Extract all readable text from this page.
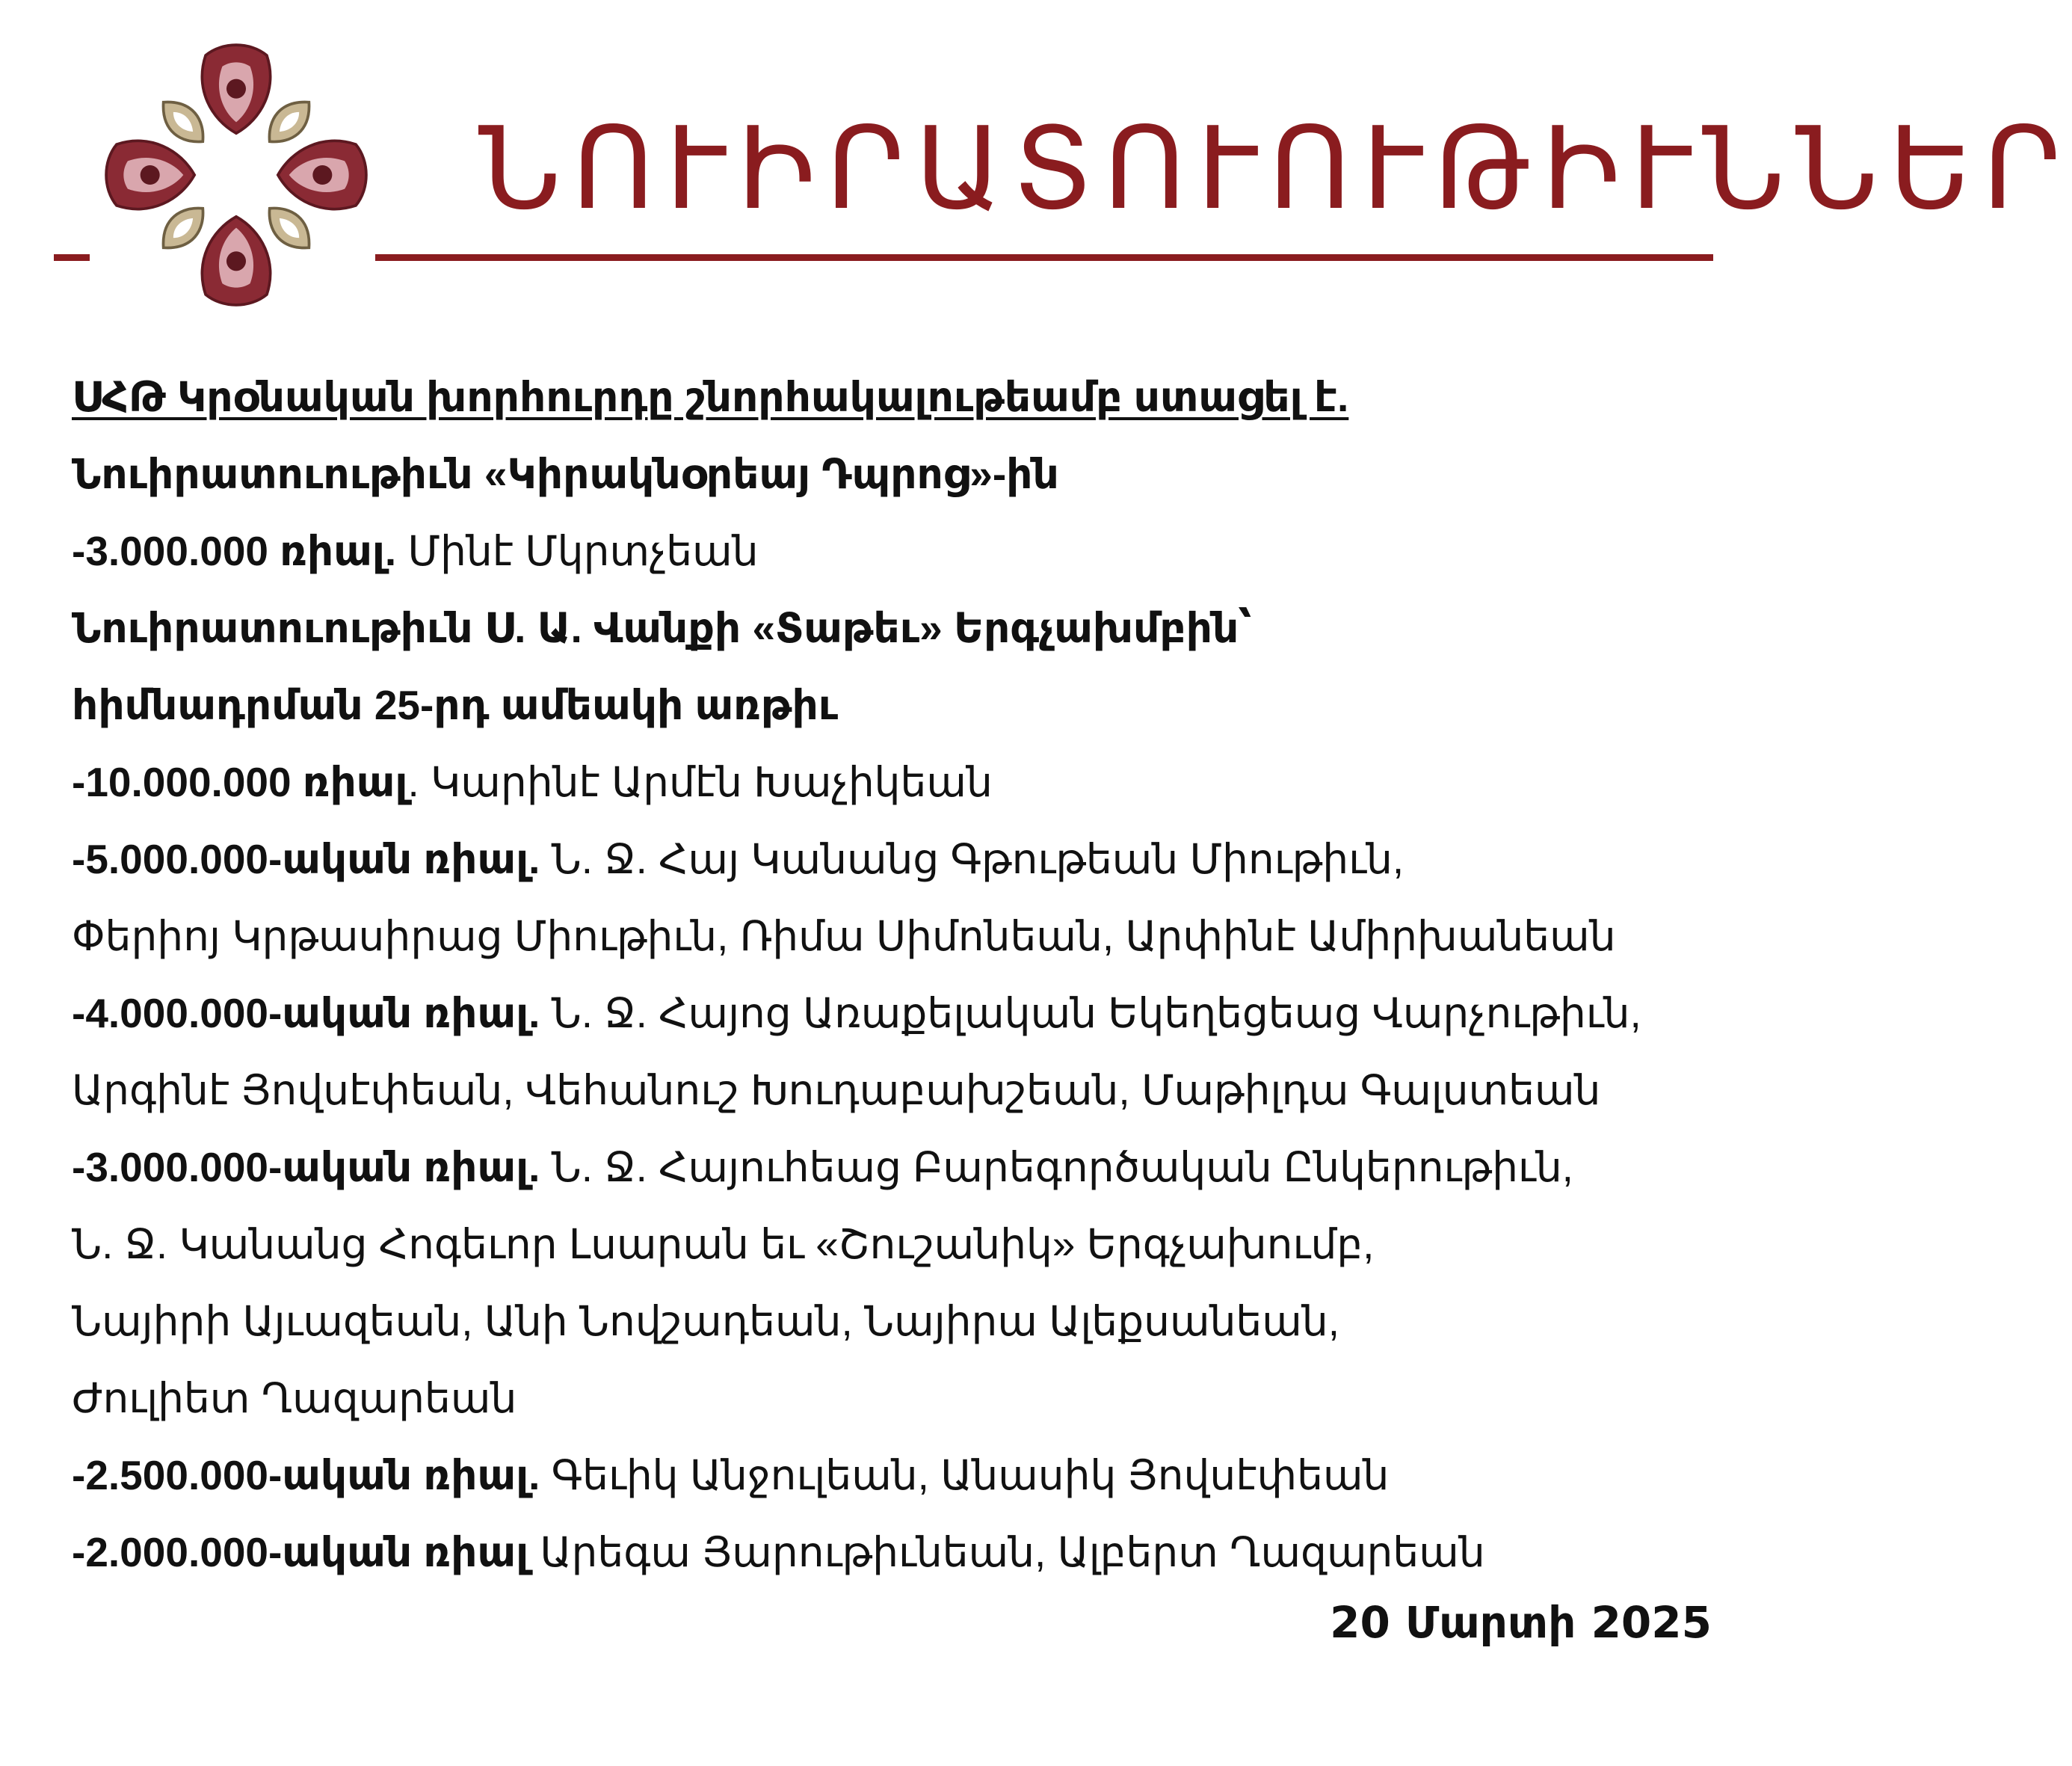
ՆՈՒԻՐԱՏՈՒՈՒԹԻՒՆՆԵՐ
ՍՀԹ Կրօնական խորհուրդը շնորհակալութեամբ ստացել է.
Նուիրատուութիւն «Կիրակնօրեայ Դպրոց»-ին
-3.000.000 ռիալ. Մինէ Մկրտչեան
Նուիրատուութիւն Ս. Ա. Վանքի «Տաթեւ» Երգչախմբին՝
հիմնադրման 25-րդ ամեակի առթիւ
-10.000.000 ռիալ. Կարինէ Արմէն Խաչիկեան
-5.000.000-ական ռիալ. Ն. Ջ. Հայ Կանանց Գթութեան Միութիւն,
Փերիոյ Կրթասիրաց Միութիւն, Ռիմա Սիմոնեան, Արփինէ Ամիրխանեան
-4.000.000-ական ռիալ. Ն. Ջ. Հայոց Առաքելական Եկեղեցեաց Վարչութիւն,
Արգինէ Յովսէփեան, Վեհանուշ Խուդաբախշեան, Մաթիլդա Գալստեան
-3.000.000-ական ռիալ. Ն. Ջ. Հայուհեաց Բարեգործական Ընկերութիւն,
Ն. Ջ. Կանանց Հոգեւոր Լսարան եւ «Շուշանիկ» Երգչախումբ,
Նայիրի Այւազեան, Անի Նովշադեան, Նայիրա Ալեքսանեան,
Ժուլիետ Ղազարեան
-2.500.000-ական ռիալ. Գեւիկ Անջուլեան, Անասիկ Յովսէփեան
-2.000.000-ական ռիալ Արեգա Յարութիւնեան, Ալբերտ Ղազարեան
20 Մարտի 2025
